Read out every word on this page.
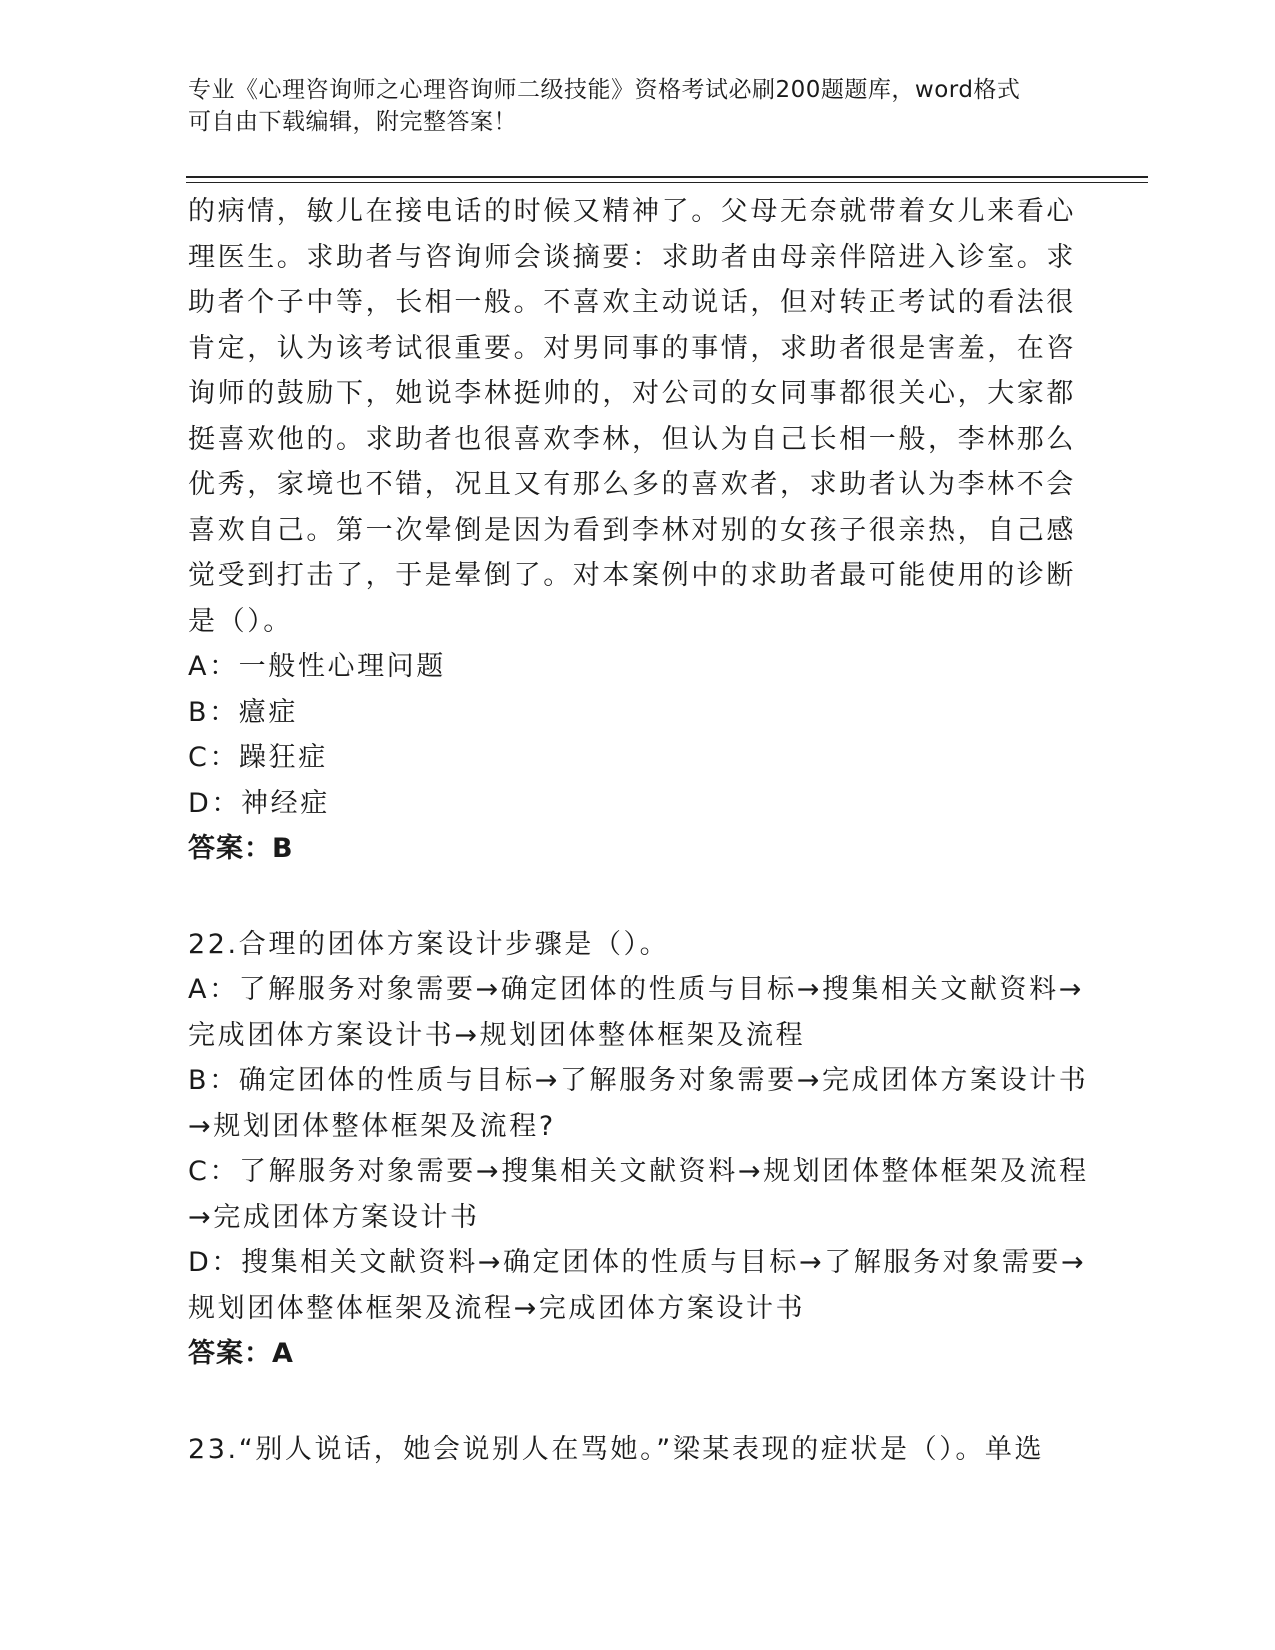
专业《心理咨询师之心理咨询师二级技能》资格考试必刷200题题库，word格式

可自由下载编辑，附完整答案！

的病情，敏儿在接电话的时候又精神了。父母无奈就带着女儿来看心

理医生。求助者与咨询师会谈摘要：求助者由母亲伴陪进入诊室。求

助者个子中等，长相一般。不喜欢主动说话，但对转正考试的看法很

肯定，认为该考试很重要。对男同事的事情，求助者很是害羞，在咨

询师的鼓励下，她说李林挺帅的，对公司的女同事都很关心，大家都

挺喜欢他的。求助者也很喜欢李林，但认为自己长相一般，李林那么

优秀，家境也不错，况且又有那么多的喜欢者，求助者认为李林不会

喜欢自己。第一次晕倒是因为看到李林对别的女孩子很亲热，自己感

觉受到打击了，于是晕倒了。对本案例中的求助者最可能使用的诊断

是（）。

A：一般性心理问题

B：癔症

C：躁狂症

D：神经症

答案：B

22.合理的团体方案设计步骤是（）。

A：了解服务对象需要→确定团体的性质与目标→搜集相关文献资料→

完成团体方案设计书→规划团体整体框架及流程

B：确定团体的性质与目标→了解服务对象需要→完成团体方案设计书

→规划团体整体框架及流程?

C：了解服务对象需要→搜集相关文献资料→规划团体整体框架及流程

→完成团体方案设计书

D：搜集相关文献资料→确定团体的性质与目标→了解服务对象需要→

规划团体整体框架及流程→完成团体方案设计书

答案：A

23.“别人说话，她会说别人在骂她。”梁某表现的症状是（）。单选
